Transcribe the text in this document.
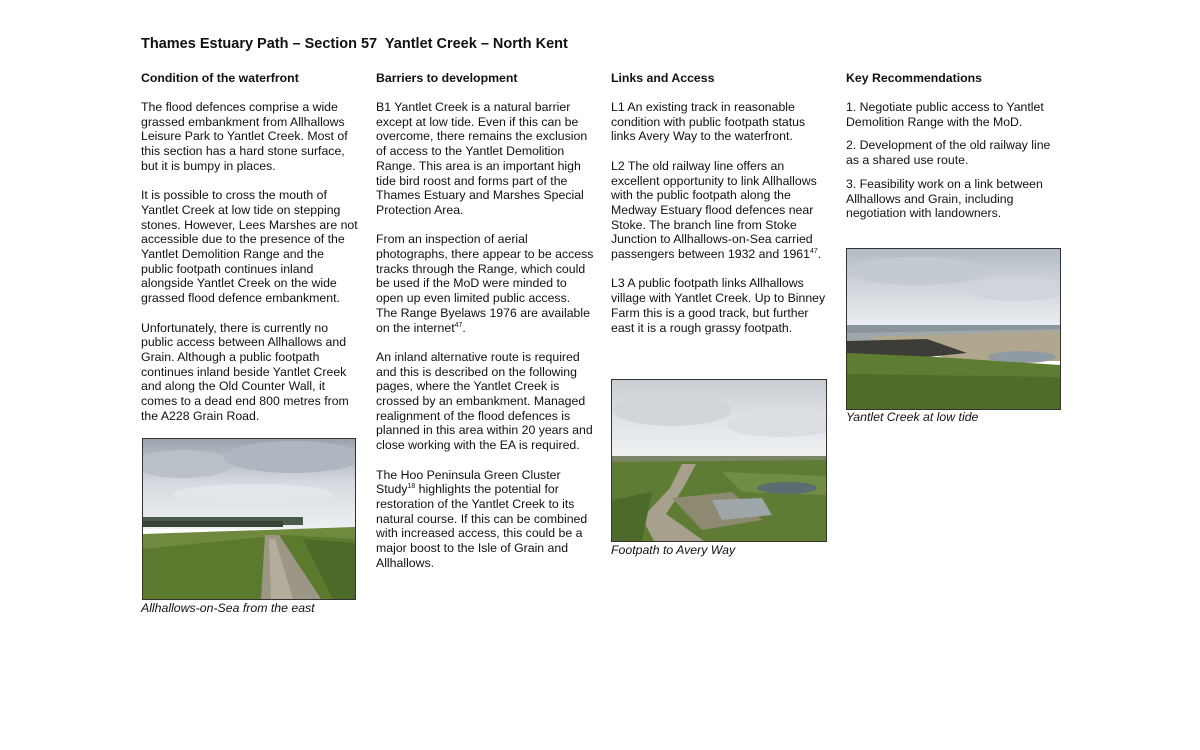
Thames Estuary Path – Section 57  Yantlet Creek – North Kent
Condition of the waterfront

The flood defences comprise a wide grassed embankment from Allhallows Leisure Park to Yantlet Creek. Most of this section has a hard stone surface, but it is bumpy in places.

It is possible to cross the mouth of Yantlet Creek at low tide on stepping stones. However, Lees Marshes are not accessible due to the presence of the Yantlet Demolition Range and the public footpath continues inland alongside Yantlet Creek on the wide grassed flood defence embankment.

Unfortunately, there is currently no public access between Allhallows and Grain. Although a public footpath continues inland beside Yantlet Creek and along the Old Counter Wall, it comes to a dead end 800 metres from the A228 Grain Road.

Allhallows-on-Sea from the east
Barriers to development

B1 Yantlet Creek is a natural barrier except at low tide. Even if this can be overcome, there remains the exclusion of access to the Yantlet Demolition Range. This area is an important high tide bird roost and forms part of the Thames Estuary and Marshes Special Protection Area.

From an inspection of aerial photographs, there appear to be access tracks through the Range, which could be used if the MoD were minded to open up even limited public access. The Range Byelaws 1976 are available on the internet$^{47}$.

An inland alternative route is required and this is described on the following pages, where the Yantlet Creek is crossed by an embankment. Managed realignment of the flood defences is planned in this area within 20 years and close working with the EA is required.

The Hoo Peninsula Green Cluster Study$^{18}$ highlights the potential for restoration of the Yantlet Creek to its natural course. If this can be combined with increased access, this could be a major boost to the Isle of Grain and Allhallows.

Links and Access

L1 An existing track in reasonable condition with public footpath status links Avery Way to the waterfront.

L2 The old railway line offers an excellent opportunity to link Allhallows with the public footpath along the Medway Estuary flood defences near Stoke. The branch line from Stoke Junction to Allhallows-on-Sea carried passengers between 1932 and 1961$^{47}$.

L3 A public footpath links Allhallows village with Yantlet Creek. Up to Binney Farm this is a good track, but further east it is a rough grassy footpath.

Footpath to Avery Way
Key Recommendations

1. Negotiate public access to Yantlet Demolition Range with the MoD.

2. Development of the old railway line as a shared use route.

3. Feasibility work on a link between Allhallows and Grain, including negotiation with landowners.

Yantlet Creek at low tide
